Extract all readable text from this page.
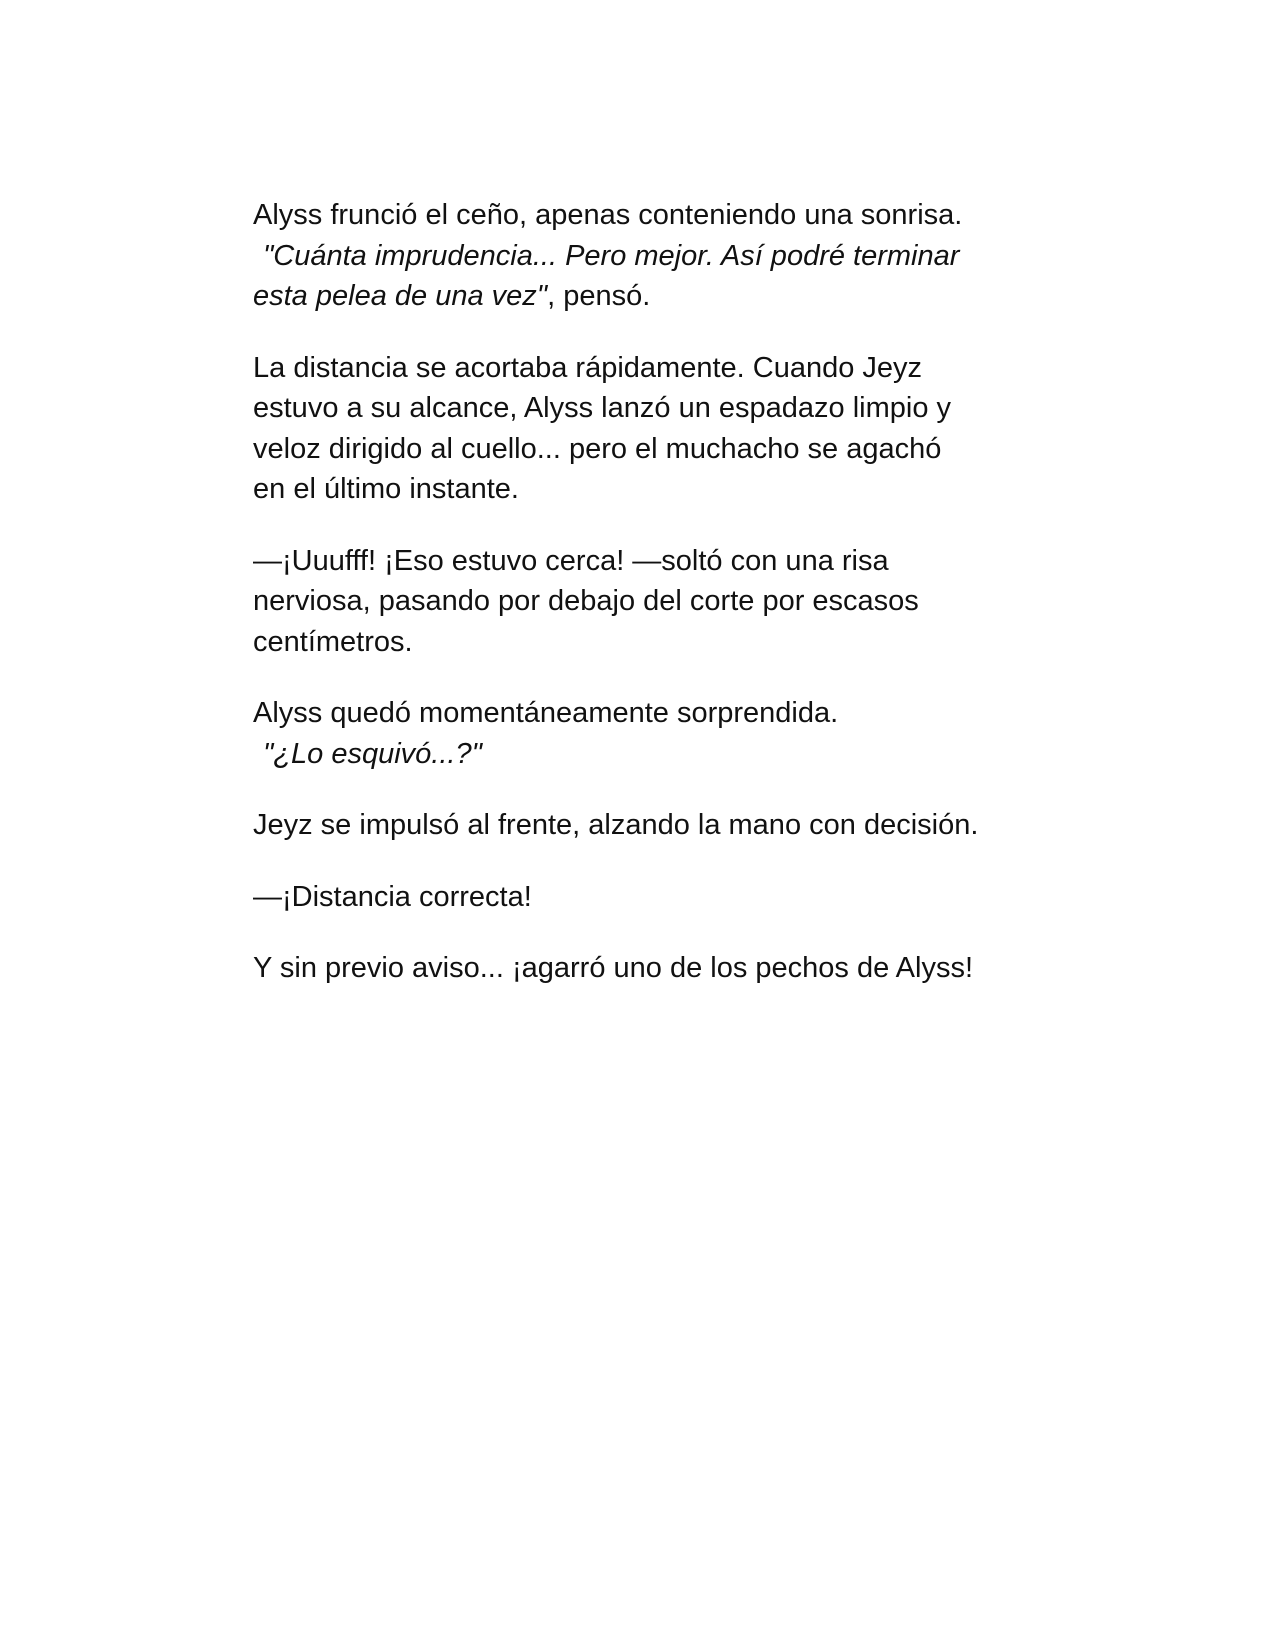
Alyss frunció el ceño, apenas conteniendo una sonrisa.
"Cuánta imprudencia... Pero mejor. Así podré terminar
esta pelea de una vez", pensó.

La distancia se acortaba rápidamente. Cuando Jeyz
estuvo a su alcance, Alyss lanzó un espadazo limpio y
veloz dirigido al cuello... pero el muchacho se agachó
en el último instante.

—¡Uuufff! ¡Eso estuvo cerca! —soltó con una risa
nerviosa, pasando por debajo del corte por escasos
centímetros.

Alyss quedó momentáneamente sorprendida.
"¿Lo esquivó...?"

Jeyz se impulsó al frente, alzando la mano con decisión.

—¡Distancia correcta!

Y sin previo aviso... ¡agarró uno de los pechos de Alyss!
